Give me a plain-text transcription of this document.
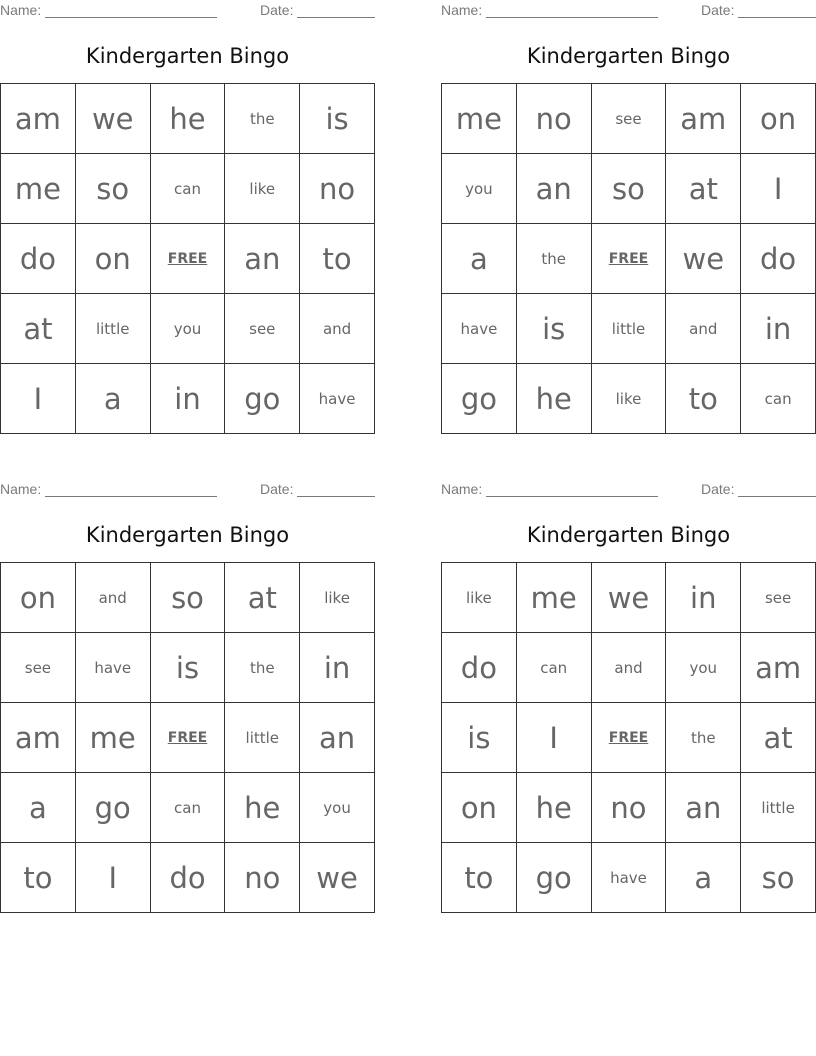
Name:	Date:
Kindergarten Bingo
am	we	he	the	is
me	so	can	like	no
do	on	FREE	an	to
at	little	you	see	and
I	a	in	go	have
Name:	Date:
Kindergarten Bingo
me	no	see	am	on
you	an	so	at	I
a	the	FREE	we	do
have	is	little	and	in
go	he	like	to	can
Name:	Date:
Kindergarten Bingo
on	and	so	at	like
see	have	is	the	in
am	me	FREE	little	an
a	go	can	he	you
to	I	do	no	we
Name:	Date:
Kindergarten Bingo
like	me	we	in	see
do	can	and	you	am
is	I	FREE	the	at
on	he	no	an	little
to	go	have	a	so
